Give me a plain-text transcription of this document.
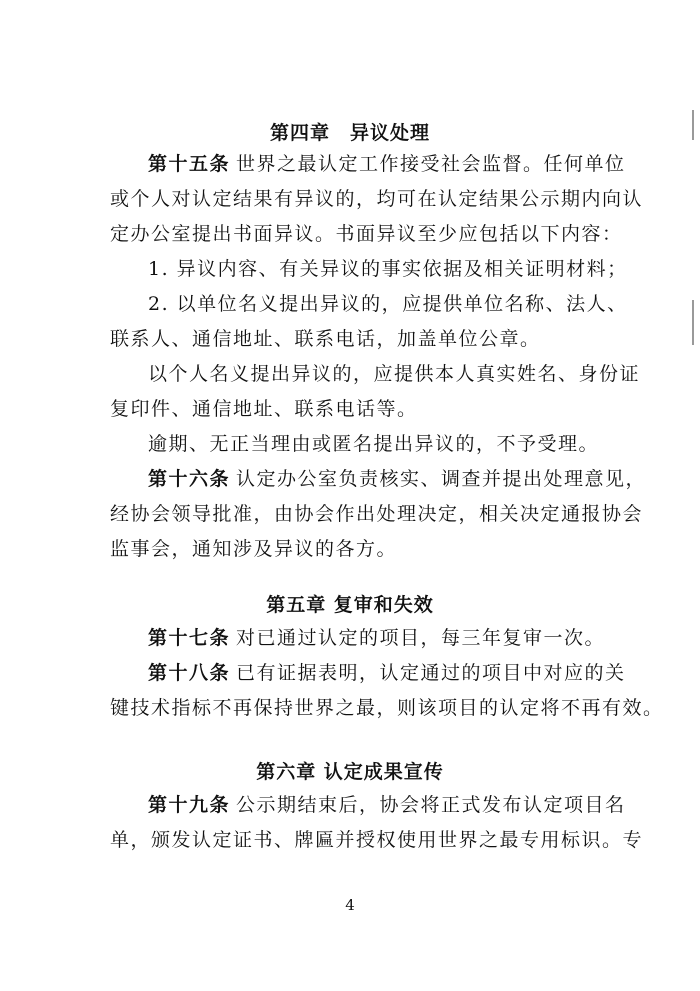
第四章　异议处理
第十五条 世界之最认定工作接受社会监督。任何单位
或个人对认定结果有异议的，均可在认定结果公示期内向认
定办公室提出书面异议。书面异议至少应包括以下内容：
1. 异议内容、有关异议的事实依据及相关证明材料；
2. 以单位名义提出异议的，应提供单位名称、法人、
联系人、通信地址、联系电话，加盖单位公章。
以个人名义提出异议的，应提供本人真实姓名、身份证
复印件、通信地址、联系电话等。
逾期、无正当理由或匿名提出异议的，不予受理。
第十六条 认定办公室负责核实、调查并提出处理意见，
经协会领导批准，由协会作出处理决定，相关决定通报协会
监事会，通知涉及异议的各方。
第五章 复审和失效
第十七条 对已通过认定的项目，每三年复审一次。
第十八条 已有证据表明，认定通过的项目中对应的关
键技术指标不再保持世界之最，则该项目的认定将不再有效。
第六章 认定成果宣传
第十九条 公示期结束后，协会将正式发布认定项目名
单，颁发认定证书、牌匾并授权使用世界之最专用标识。专
4
